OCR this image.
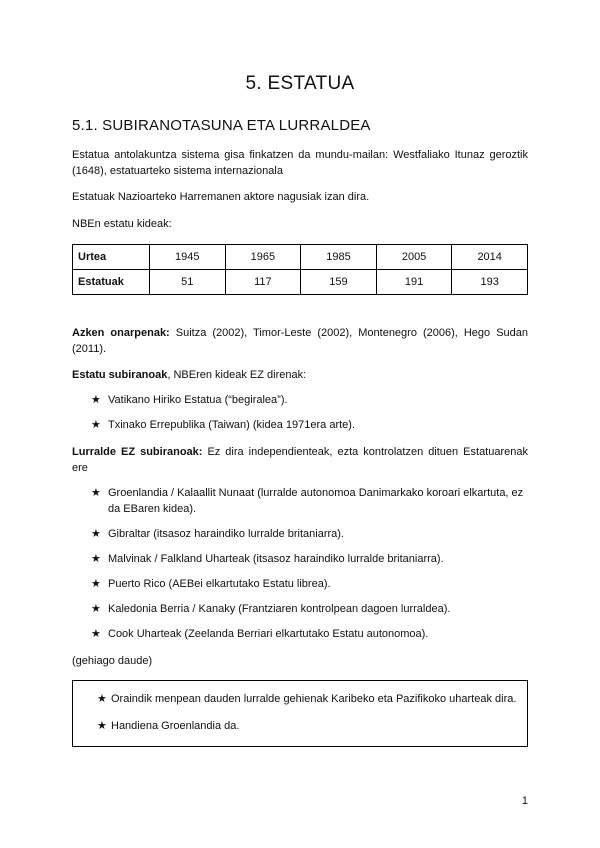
5. ESTATUA
5.1. SUBIRANOTASUNA ETA LURRALDEA

Estatua antolakuntza sistema gisa finkatzen da mundu-mailan: Westfaliako Itunaz geroztik (1648), estatuarteko sistema internazionala

Estatuak Nazioarteko Harremanen aktore nagusiak izan dira.

NBEn estatu kideak:

Urtea	1945	1965	1985	2005	2014
Estatuak	51	117	159	191	193

Azken onarpenak: Suitza (2002), Timor-Leste (2002), Montenegro (2006), Hego Sudan (2011).

Estatu subiranoak, NBEren kideak EZ direnak:

★ Vatikano Hiriko Estatua (“begiralea”).
★ Txinako Errepublika (Taiwan) (kidea 1971era arte).

Lurralde EZ subiranoak: Ez dira independienteak, ezta kontrolatzen dituen Estatuarenak ere

★ Groenlandia / Kalaallit Nunaat (lurralde autonomoa Danimarkako koroari elkartuta, ez da EBaren kidea).
★ Gibraltar (itsasoz haraindiko lurralde britaniarra).
★ Malvinak / Falkland Uharteak (itsasoz haraindiko lurralde britaniarra).
★ Puerto Rico (AEBei elkartutako Estatu librea).
★ Kaledonia Berria / Kanaky (Frantziaren kontrolpean dagoen lurraldea).
★ Cook Uharteak (Zeelanda Berriari elkartutako Estatu autonomoa).

(gehiago daude)

★ Oraindik menpean dauden lurralde gehienak Karibeko eta Pazifikoko uharteak dira.
★ Handiena Groenlandia da.
1
